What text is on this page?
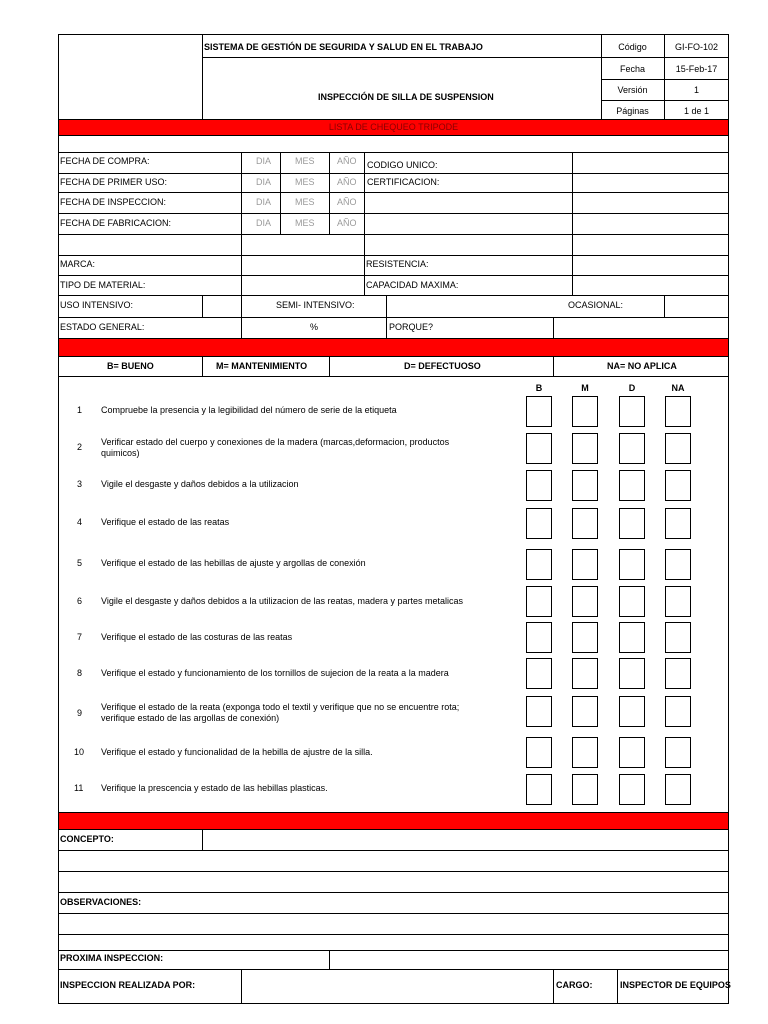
SISTEMA DE GESTIÓN DE SEGURIDA Y SALUD EN EL TRABAJO
INSPECCIÓN DE SILLA DE SUSPENSION
Código	GI-FO-102
Fecha	15-Feb-17
Versión	1
Páginas	1 de 1
LISTA DE CHEQUEO TRIPODE
FECHA DE COMPRA:	DIA	MES AÑO CODIGO UNICO:
FECHA DE PRIMER USO:	DIA	MES AÑO CERTIFICACION:
FECHA DE INSPECCION:	DIA	MES AÑO
FECHA DE FABRICACION:	DIA	MES AÑO
MARCA:	RESISTENCIA:
TIPO DE MATERIAL:	CAPACIDAD MAXIMA:
USO INTENSIVO:	SEMI- INTENSIVO:	OCASIONAL:
ESTADO GENERAL:	%	PORQUE?
B= BUENO	M= MANTENIMIENTO	D= DEFECTUOSO	NA= NO APLICA
B	M	D	NA
1 Compruebe la presencia y la legibilidad del número de serie de la etiqueta
2 Verificar estado del cuerpo y conexiones de la madera (marcas,deformacion, productos
quimicos)
3 Vigile el desgaste y daños debidos a la utilizacion
4 Verifique el estado de las reatas
5 Verifique el estado de las hebillas de ajuste y argollas de conexión
6 Vigile el desgaste y daños debidos a la utilizacion de las reatas, madera y partes metalicas
7 Verifique el estado de las costuras de las reatas
8 Verifique el estado y funcionamiento de los tornillos de sujecion de la reata a la madera
9
Verifique el estado de la reata (exponga todo el textil y verifique que no se encuentre rota;
verifique estado de las argollas de conexión)
10 Verifique el estado y funcionalidad de la hebilla de ajustre de la silla.
11 Verifique la prescencia y estado de las hebillas plasticas.
CONCEPTO:
OBSERVACIONES:
PROXIMA INSPECCION:
INSPECCION REALIZADA POR:	CARGO:	INSPECTOR DE EQUIPOS
